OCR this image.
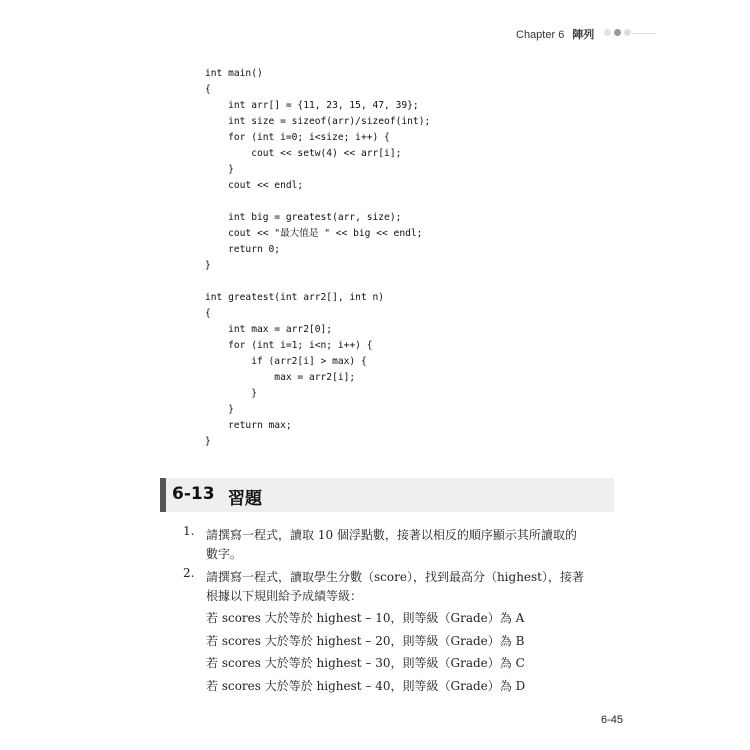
Chapter 6 陣列
int main()
{
int arr[] = {11, 23, 15, 47, 39};
int size = sizeof(arr)/sizeof(int);
for (int i=0; i<size; i++) {
cout << setw(4) << arr[i];
}
cout << endl;
int big = greatest(arr, size);
cout << "最大值是 " << big << endl;
return 0;
}
int greatest(int arr2[], int n)
{
int max = arr2[0];
for (int i=1; i<n; i++) {
if (arr2[i] > max) {
max = arr2[i];
}
}
return max;
}
6-13 習題
1. 請撰寫一程式，讀取 10 個浮點數，接著以相反的順序顯示其所讀取的
數字。
2. 請撰寫一程式，讀取學生分數（score），找到最高分（highest），接著
根據以下規則給予成績等級：
若 scores 大於等於 highest – 10，則等級（Grade）為 A
若 scores 大於等於 highest – 20，則等級（Grade）為 B
若 scores 大於等於 highest – 30，則等級（Grade）為 C
若 scores 大於等於 highest – 40，則等級（Grade）為 D
6-45
